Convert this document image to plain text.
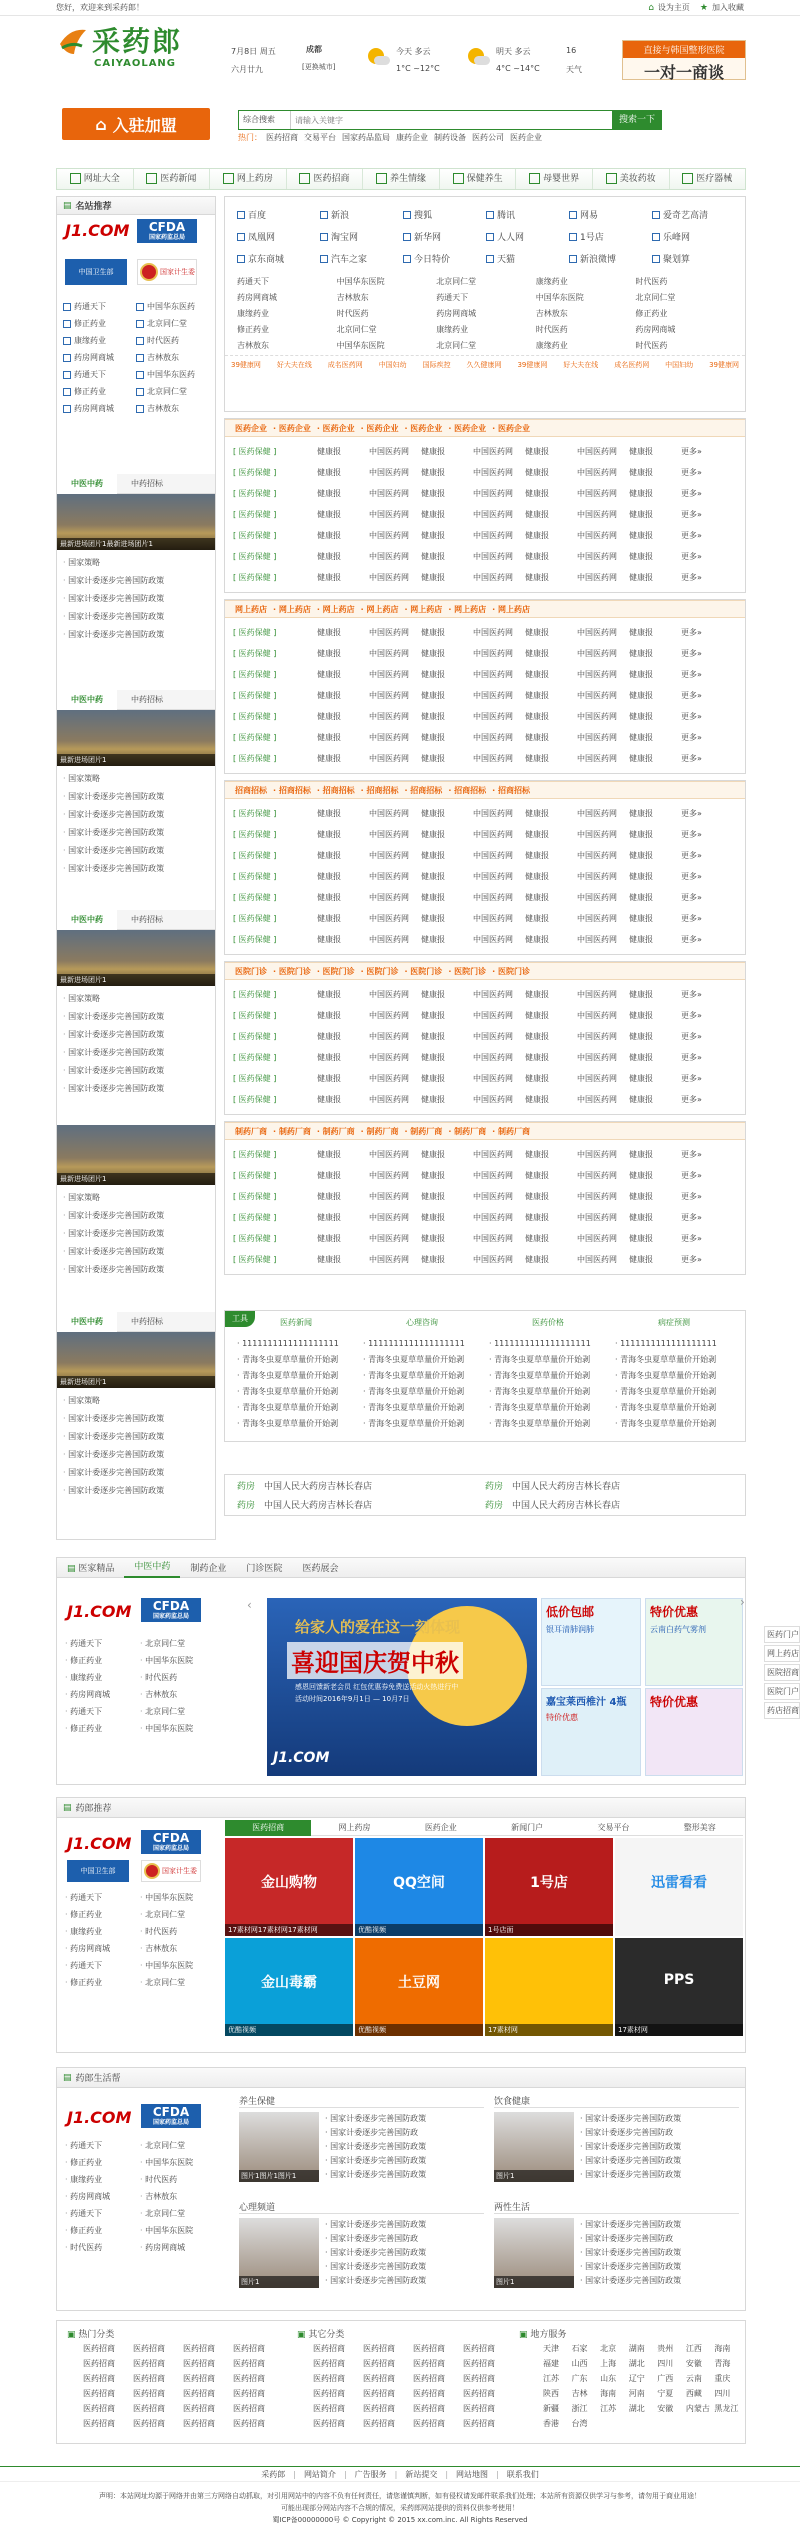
您好，欢迎来到采药郎！	⌂ 设为主页 ★ 加入收藏
采药郎
CAIYAOLANG
7月8日 周五
六月廿九
成都
[更换城市]
今天 多云
1°C ~12°C
明天 多云
4°C ~14°C
16
天气
直接与韩国整形医院
一对一商谈
⌂ 入驻加盟	综合搜索
请输入关键字	搜索一下
热门： 医药招商 交易平台 国家药品监局 康药企业 制药设备 医药公司 医药企业
网址大全	医药新闻	网上药房	医药招商	养生情缘	保健养生	母婴世界	美妆药妆	医疗器械
▤ 名站推荐
J1.COM	CFDA
国家药监总局
中国卫生部	国家计生委
药通天下	中国华东医药
修正药业	北京同仁堂
康缘药业	时代医药
药房网商城	吉林敖东
药通天下	中国华东医药
修正药业	北京同仁堂
药房网商城	吉林敖东
中医中药	中药招标
最新进场团片1最新进场团片1
· 国家策略
· 国家计委逐步完善国防政策
· 国家计委逐步完善国防政策
· 国家计委逐步完善国防政策
· 国家计委逐步完善国防政策
中医中药	中药招标
最新进场团片1
· 国家策略
· 国家计委逐步完善国防政策
· 国家计委逐步完善国防政策
· 国家计委逐步完善国防政策
· 国家计委逐步完善国防政策
· 国家计委逐步完善国防政策
中医中药	中药招标
最新进场团片1
· 国家策略
· 国家计委逐步完善国防政策
· 国家计委逐步完善国防政策
· 国家计委逐步完善国防政策
· 国家计委逐步完善国防政策
· 国家计委逐步完善国防政策
最新进场团片1
· 国家策略
· 国家计委逐步完善国防政策
· 国家计委逐步完善国防政策
· 国家计委逐步完善国防政策
· 国家计委逐步完善国防政策
中医中药	中药招标
最新进场团片1
· 国家策略
· 国家计委逐步完善国防政策
· 国家计委逐步完善国防政策
· 国家计委逐步完善国防政策
· 国家计委逐步完善国防政策
· 国家计委逐步完善国防政策
百度	新浪	搜狐	腾讯	网易	爱奇艺高清
凤凰网	淘宝网	新华网	人人网	1号店	乐峰网
京东商城	汽车之家	今日特价	天猫	新浪微博	聚划算
药通天下	中国华东医院	北京同仁堂	康缘药业	时代医药
药房网商城	吉林敖东	药通天下	中国华东医院	北京同仁堂
康缘药业	时代医药	药房网商城	吉林敖东	修正药业
修正药业	北京同仁堂	康缘药业	时代医药	药房网商城
吉林敖东	中国华东医院	北京同仁堂	康缘药业	时代医药
39健康网 好大夫在线 成名医药网 中国妇幼 国际疾控 久久健康网 39健康网 好大夫在线 成名医药网 中国妇幼 39健康网
医药企业 · 医药企业 · 医药企业 · 医药企业 · 医药企业 · 医药企业 · 医药企业
[ 医药保健 ]	健康报	中国医药网	健康报	中国医药网	健康报	中国医药网	健康报	更多»
[ 医药保健 ]	健康报	中国医药网	健康报	中国医药网	健康报	中国医药网	健康报	更多»
[ 医药保健 ]	健康报	中国医药网	健康报	中国医药网	健康报	中国医药网	健康报	更多»
[ 医药保健 ]	健康报	中国医药网	健康报	中国医药网	健康报	中国医药网	健康报	更多»
[ 医药保健 ]	健康报	中国医药网	健康报	中国医药网	健康报	中国医药网	健康报	更多»
[ 医药保健 ]	健康报	中国医药网	健康报	中国医药网	健康报	中国医药网	健康报	更多»
[ 医药保健 ]	健康报	中国医药网	健康报	中国医药网	健康报	中国医药网	健康报	更多»
网上药店 · 网上药店 · 网上药店 · 网上药店 · 网上药店 · 网上药店 · 网上药店
[ 医药保健 ]	健康报	中国医药网	健康报	中国医药网	健康报	中国医药网	健康报	更多»
[ 医药保健 ]	健康报	中国医药网	健康报	中国医药网	健康报	中国医药网	健康报	更多»
[ 医药保健 ]	健康报	中国医药网	健康报	中国医药网	健康报	中国医药网	健康报	更多»
[ 医药保健 ]	健康报	中国医药网	健康报	中国医药网	健康报	中国医药网	健康报	更多»
[ 医药保健 ]	健康报	中国医药网	健康报	中国医药网	健康报	中国医药网	健康报	更多»
[ 医药保健 ]	健康报	中国医药网	健康报	中国医药网	健康报	中国医药网	健康报	更多»
[ 医药保健 ]	健康报	中国医药网	健康报	中国医药网	健康报	中国医药网	健康报	更多»
招商招标 · 招商招标 · 招商招标 · 招商招标 · 招商招标 · 招商招标 · 招商招标
[ 医药保健 ]	健康报	中国医药网	健康报	中国医药网	健康报	中国医药网	健康报	更多»
[ 医药保健 ]	健康报	中国医药网	健康报	中国医药网	健康报	中国医药网	健康报	更多»
[ 医药保健 ]	健康报	中国医药网	健康报	中国医药网	健康报	中国医药网	健康报	更多»
[ 医药保健 ]	健康报	中国医药网	健康报	中国医药网	健康报	中国医药网	健康报	更多»
[ 医药保健 ]	健康报	中国医药网	健康报	中国医药网	健康报	中国医药网	健康报	更多»
[ 医药保健 ]	健康报	中国医药网	健康报	中国医药网	健康报	中国医药网	健康报	更多»
[ 医药保健 ]	健康报	中国医药网	健康报	中国医药网	健康报	中国医药网	健康报	更多»
医院门诊 · 医院门诊 · 医院门诊 · 医院门诊 · 医院门诊 · 医院门诊 · 医院门诊
[ 医药保健 ]	健康报	中国医药网	健康报	中国医药网	健康报	中国医药网	健康报	更多»
[ 医药保健 ]	健康报	中国医药网	健康报	中国医药网	健康报	中国医药网	健康报	更多»
[ 医药保健 ]	健康报	中国医药网	健康报	中国医药网	健康报	中国医药网	健康报	更多»
[ 医药保健 ]	健康报	中国医药网	健康报	中国医药网	健康报	中国医药网	健康报	更多»
[ 医药保健 ]	健康报	中国医药网	健康报	中国医药网	健康报	中国医药网	健康报	更多»
[ 医药保健 ]	健康报	中国医药网	健康报	中国医药网	健康报	中国医药网	健康报	更多»
制药厂商 · 制药厂商 · 制药厂商 · 制药厂商 · 制药厂商 · 制药厂商 · 制药厂商
[ 医药保健 ]	健康报	中国医药网	健康报	中国医药网	健康报	中国医药网	健康报	更多»
[ 医药保健 ]	健康报	中国医药网	健康报	中国医药网	健康报	中国医药网	健康报	更多»
[ 医药保健 ]	健康报	中国医药网	健康报	中国医药网	健康报	中国医药网	健康报	更多»
[ 医药保健 ]	健康报	中国医药网	健康报	中国医药网	健康报	中国医药网	健康报	更多»
[ 医药保健 ]	健康报	中国医药网	健康报	中国医药网	健康报	中国医药网	健康报	更多»
[ 医药保健 ]	健康报	中国医药网	健康报	中国医药网	健康报	中国医药网	健康报	更多»
工具	医药新闻
· 1111111111111111111
· 青海冬虫夏草草量价开始剥
· 青海冬虫夏草草量价开始剥
· 青海冬虫夏草草量价开始剥
· 青海冬虫夏草草量价开始剥
· 青海冬虫夏草草量价开始剥
心理咨询
· 1111111111111111111
· 青海冬虫夏草草量价开始剥
· 青海冬虫夏草草量价开始剥
· 青海冬虫夏草草量价开始剥
· 青海冬虫夏草草量价开始剥
· 青海冬虫夏草草量价开始剥
医药价格
· 1111111111111111111
· 青海冬虫夏草草量价开始剥
· 青海冬虫夏草草量价开始剥
· 青海冬虫夏草草量价开始剥
· 青海冬虫夏草草量价开始剥
· 青海冬虫夏草草量价开始剥
病症预测
· 1111111111111111111
· 青海冬虫夏草草量价开始剥
· 青海冬虫夏草草量价开始剥
· 青海冬虫夏草草量价开始剥
· 青海冬虫夏草草量价开始剥
· 青海冬虫夏草草量价开始剥
药房　 中国人民大药房吉林长春店	药房　 中国人民大药房吉林长春店
药房　 中国人民大药房吉林长春店	药房　 中国人民大药房吉林长春店
▤ 医家精品	中医中药	制药企业	门诊医院	医药展会
J1.COM	CFDA
国家药监总局
· 药通天下	· 北京同仁堂
· 修正药业	· 中国华东医院
· 康缘药业	· 时代医药
· 药房网商城	· 吉林敖东
· 药通天下	· 北京同仁堂
· 修正药业	· 中国华东医院
‹
给家人的爱在这一刻体现
喜迎国庆贺中秋
感恩回馈新老会员 红包优惠券免费送活动火热进行中
活动时间2016年9月1日 — 10月7日
J1.COM
低价包邮
银耳清肺润肺
特价优惠
云南白药气雾剂
嘉宝莱西椎汁 4瓶
特价优惠
特价优惠
›
医药门户
网上药店
医院招商
医院门户
药店招商
▤ 药郎推荐
J1.COM	CFDA
国家药监总局
中国卫生部	国家计生委
· 药通天下	· 中国华东医院
· 修正药业	· 北京同仁堂
· 康缘药业	· 时代医药
· 药房网商城	· 吉林敖东
· 药通天下	· 中国华东医院
· 修正药业	· 北京同仁堂
医药招商	网上药房	医药企业	新闻门户	交易平台	整形美容
金山购物
17素材网17素材网17素材网
QQ空间
优酷视频
1号店
1号店面
迅雷看看
金山毒霸
优酷视频
土豆网
优酷视频	17素材网
PPS
17素材网
▤ 药郎生活帮
J1.COM	CFDA
国家药监总局
· 药通天下	· 北京同仁堂
· 修正药业	· 中国华东医院
· 康缘药业	· 时代医药
· 药房网商城	· 吉林敖东
· 药通天下	· 北京同仁堂
· 修正药业	· 中国华东医院
· 时代医药	· 药房网商城
养生保健
图片1图片1图片1
· 国家计委逐步完善国防政策
· 国家计委逐步完善国防政
· 国家计委逐步完善国防政策
· 国家计委逐步完善国防政策
· 国家计委逐步完善国防政策
饮食健康
图片1
· 国家计委逐步完善国防政策
· 国家计委逐步完善国防政
· 国家计委逐步完善国防政策
· 国家计委逐步完善国防政策
· 国家计委逐步完善国防政策
心理频道
图片1
· 国家计委逐步完善国防政策
· 国家计委逐步完善国防政
· 国家计委逐步完善国防政策
· 国家计委逐步完善国防政策
· 国家计委逐步完善国防政策
两性生活
图片1
· 国家计委逐步完善国防政策
· 国家计委逐步完善国防政
· 国家计委逐步完善国防政策
· 国家计委逐步完善国防政策
· 国家计委逐步完善国防政策
▣ 热门分类
医药招商	医药招商	医药招商	医药招商
医药招商	医药招商	医药招商	医药招商
医药招商	医药招商	医药招商	医药招商
医药招商	医药招商	医药招商	医药招商
医药招商	医药招商	医药招商	医药招商
医药招商	医药招商	医药招商	医药招商
▣ 其它分类
医药招商	医药招商	医药招商	医药招商
医药招商	医药招商	医药招商	医药招商
医药招商	医药招商	医药招商	医药招商
医药招商	医药招商	医药招商	医药招商
医药招商	医药招商	医药招商	医药招商
医药招商	医药招商	医药招商	医药招商
▣ 地方服务
天津	石家	北京	湖南	贵州	江西	海南
福建	山西	上海	湖北	四川	安徽	青海
江苏	广东	山东	辽宁	广西	云南	重庆
陕西	吉林	海南	河南	宁夏	西藏	四川
新疆	浙江	江苏	湖北	安徽	内蒙古 黑龙江
香港	台湾
采药郎 | 网站简介 | 广告服务 | 新站提交 | 网站地图 | 联系我们
声明：本站网址均源于网络并由第三方网络自动抓取，对引用网站中的内容不负有任何责任，请您谨慎判断，如有侵权请发邮件联系我们处理；本站所有资源仅供学习与参考，请勿用于商业用途！
可能出现部分网站内容不合规的情况，采药郎网站提供的资料仅供参考使用！
蜀ICP备00000000号 © Copyright © 2015 xx.com.inc. All Rights Reserved
